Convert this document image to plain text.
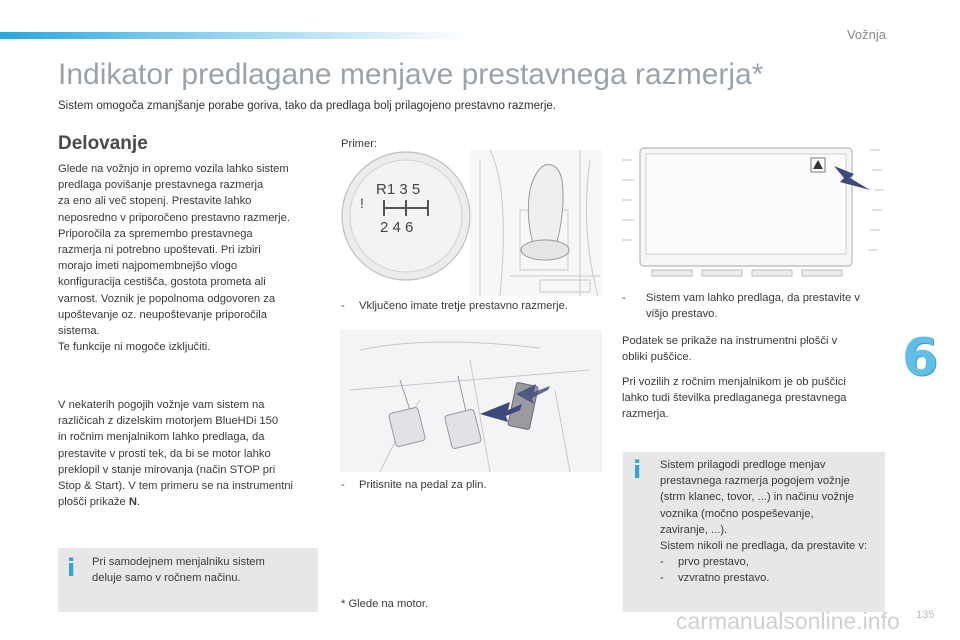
Vožnja
Indikator predlagane menjave prestavnega razmerja*
Sistem omogoča zmanjšanje porabe goriva, tako da predlaga bolj prilagojeno prestavno razmerje.
Delovanje

Glede na vožnjo in opremo vozila lahko sistem

predlaga povišanje prestavnega razmerja

za eno ali več stopenj. Prestavite lahko

neposredno v priporočeno prestavno razmerje.

Priporočila za spremembo prestavnega

razmerja ni potrebno upoštevati. Pri izbiri

morajo imeti najpomembnejšo vlogo

konfiguracija cestišča, gostota prometa ali

varnost. Voznik je popolnoma odgovoren za

upoštevanje oz. neupoštevanje priporočila

sistema.

Te funkcije ni mogoče izključiti.

V nekaterih pogojih vožnje vam sistem na

različicah z dizelskim motorjem BlueHDi 150

in ročnim menjalnikom lahko predlaga, da

prestavite v prosti tek, da bi se motor lahko

preklopil v stanje mirovanja (način STOP pri

Stop & Start). V tem primeru se na instrumentni

plošči prikaže N.

i Pri samodejnem menjalniku sistem

deluje samo v ročnem načinu.

Primer:
R1 3 5
2 4 6
!
-	Vključeno imate tretje prestavno razmerje.
-	Pritisnite na pedal za plin.
* Glede na motor.
-	Sistem vam lahko predlaga, da prestavite v
višjo prestavo.

Podatek se prikaže na instrumentni plošči v

obliki puščice.

Pri vozilih z ročnim menjalnikom je ob puščici

lahko tudi številka predlaganega prestavnega

razmerja.

i Sistem prilagodi predloge menjav

prestavnega razmerja pogojem vožnje

(strm klanec, tovor, ...) in načinu vožnje

voznika (močno pospeševanje,

zaviranje, ...).

Sistem nikoli ne predlaga, da prestavite v:

-	prvo prestavo,
-	vzvratno prestavo.
6
carmanualsonline.info 135
